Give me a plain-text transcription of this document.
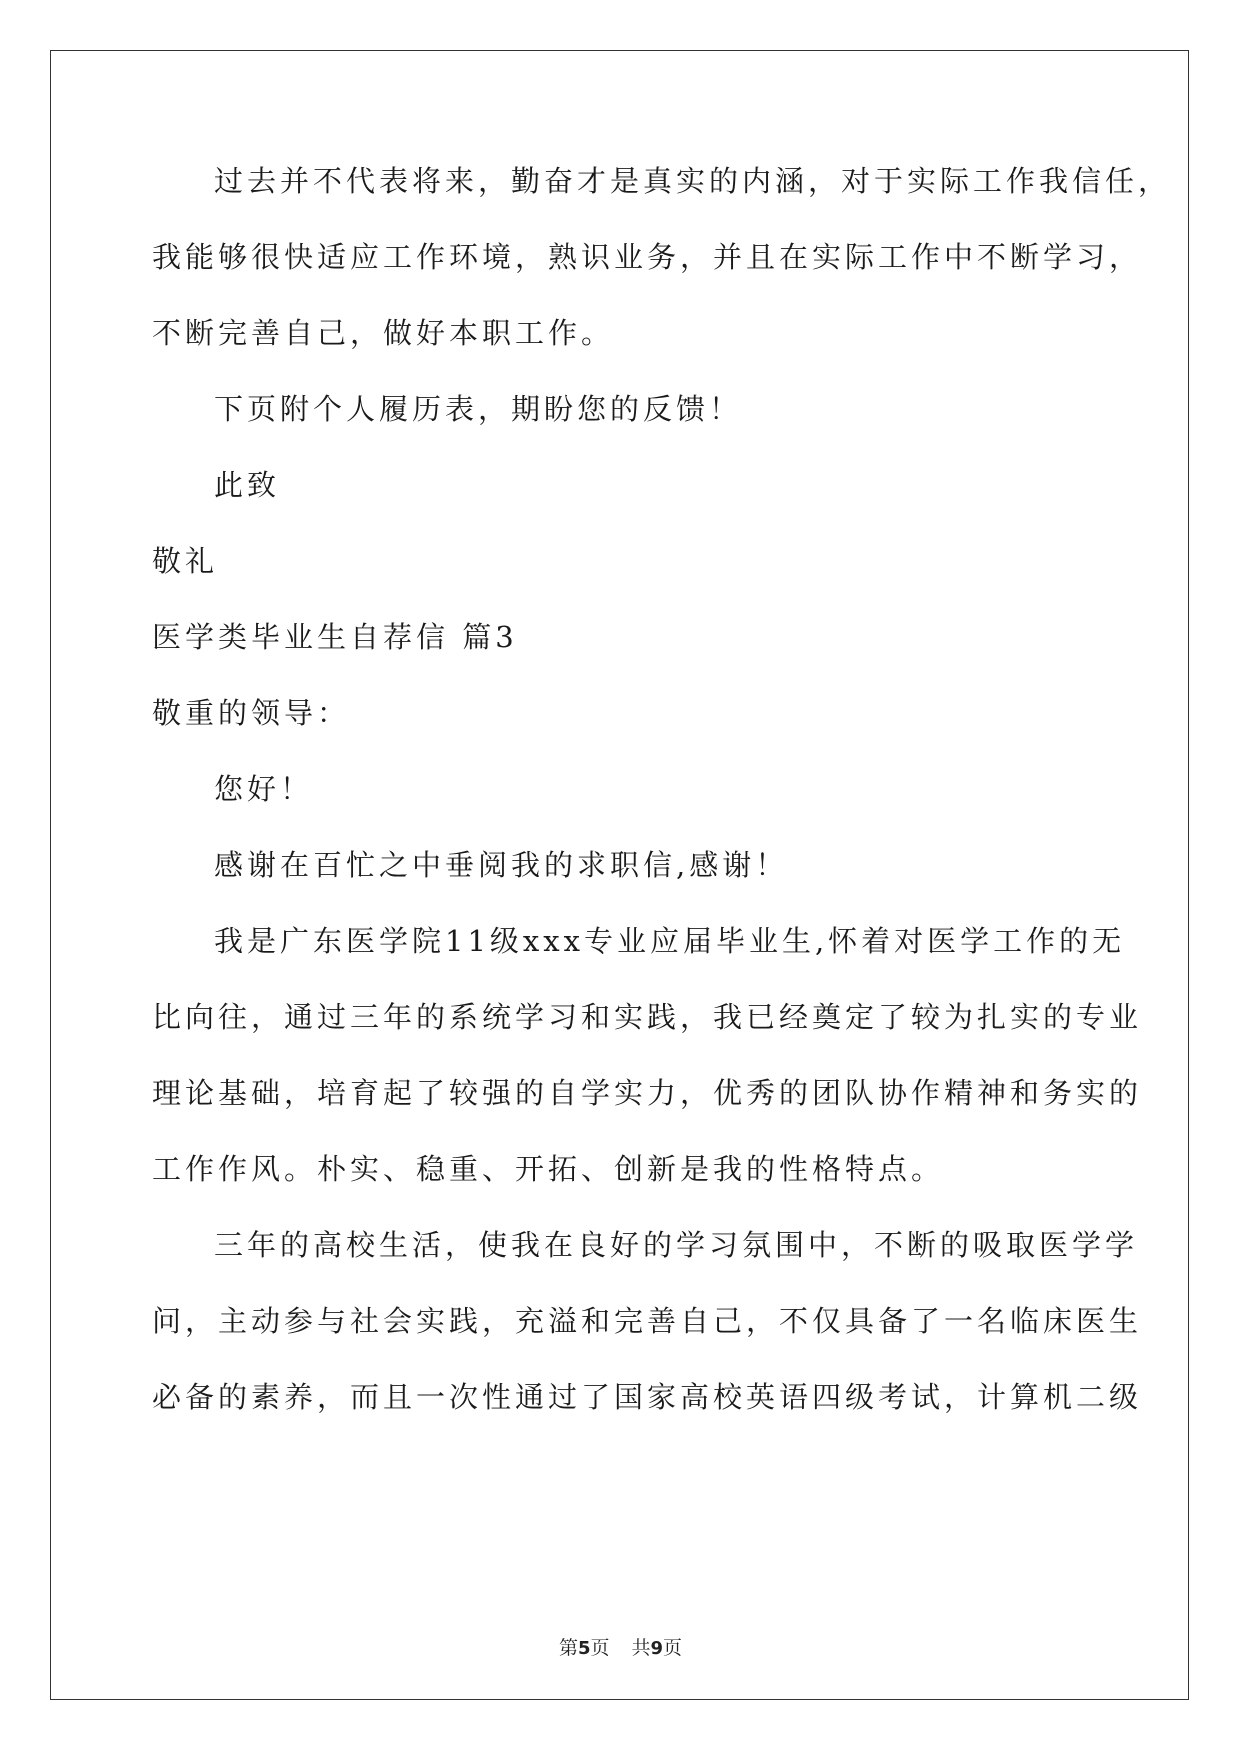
过去并不代表将来，勤奋才是真实的内涵，对于实际工作我信任，
我能够很快适应工作环境，熟识业务，并且在实际工作中不断学习，
不断完善自己，做好本职工作。
下页附个人履历表，期盼您的反馈！
此致
敬礼
医学类毕业生自荐信 篇3
敬重的领导：
您好！
感谢在百忙之中垂阅我的求职信,感谢！
我是广东医学院11级xxx专业应届毕业生,怀着对医学工作的无
比向往，通过三年的系统学习和实践，我已经奠定了较为扎实的专业
理论基础，培育起了较强的自学实力，优秀的团队协作精神和务实的
工作作风。朴实、稳重、开拓、创新是我的性格特点。
三年的高校生活，使我在良好的学习氛围中，不断的吸取医学学
问，主动参与社会实践，充溢和完善自己，不仅具备了一名临床医生
必备的素养，而且一次性通过了国家高校英语四级考试，计算机二级
第5页 共9页
